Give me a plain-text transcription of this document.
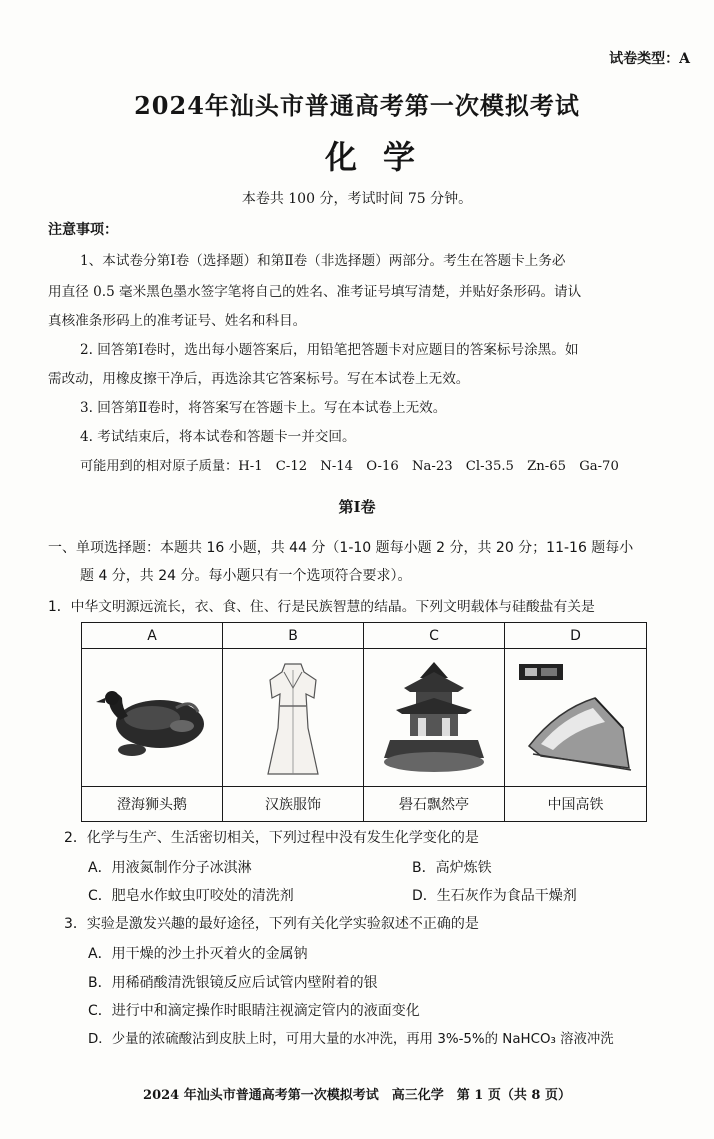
试卷类型：A
2024年汕头市普通高考第一次模拟考试
化学
本卷共 100 分，考试时间 75 分钟。
注意事项：
1、本试卷分第Ⅰ卷（选择题）和第Ⅱ卷（非选择题）两部分。考生在答题卡上务必
用直径 0.5 毫米黑色墨水签字笔将自己的姓名、准考证号填写清楚，并贴好条形码。请认
真核准条形码上的准考证号、姓名和科目。
2. 回答第Ⅰ卷时，选出每小题答案后，用铅笔把答题卡对应题目的答案标号涂黑。如
需改动，用橡皮擦干净后，再选涂其它答案标号。写在本试卷上无效。
3. 回答第Ⅱ卷时，将答案写在答题卡上。写在本试卷上无效。
4. 考试结束后，将本试卷和答题卡一并交回。
可能用到的相对原子质量：H-1　C-12　N-14　O-16　Na-23　Cl-35.5　Zn-65　Ga-70
第Ⅰ卷
一、单项选择题：本题共 16 小题，共 44 分（1-10 题每小题 2 分，共 20 分；11-16 题每小
题 4 分，共 24 分。每小题只有一个选项符合要求）。
1．中华文明源远流长，衣、食、住、行是民族智慧的结晶。下列文明载体与硅酸盐有关是
A	B	C	D
澄海狮头鹅	汉族服饰	礐石飘然亭	中国高铁
2．化学与生产、生活密切相关，下列过程中没有发生化学变化的是
A．用液氮制作分子冰淇淋	B．高炉炼铁
C．肥皂水作蚊虫叮咬处的清洗剂	D．生石灰作为食品干燥剂
3．实验是激发兴趣的最好途径，下列有关化学实验叙述不正确的是
A．用干燥的沙土扑灭着火的金属钠
B．用稀硝酸清洗银镜反应后试管内壁附着的银
C．进行中和滴定操作时眼睛注视滴定管内的液面变化
D．少量的浓硫酸沾到皮肤上时，可用大量的水冲洗，再用 3%-5%的 NaHCO₃ 溶液冲洗
2024 年汕头市普通高考第一次模拟考试　高三化学　第 1 页（共 8 页）
